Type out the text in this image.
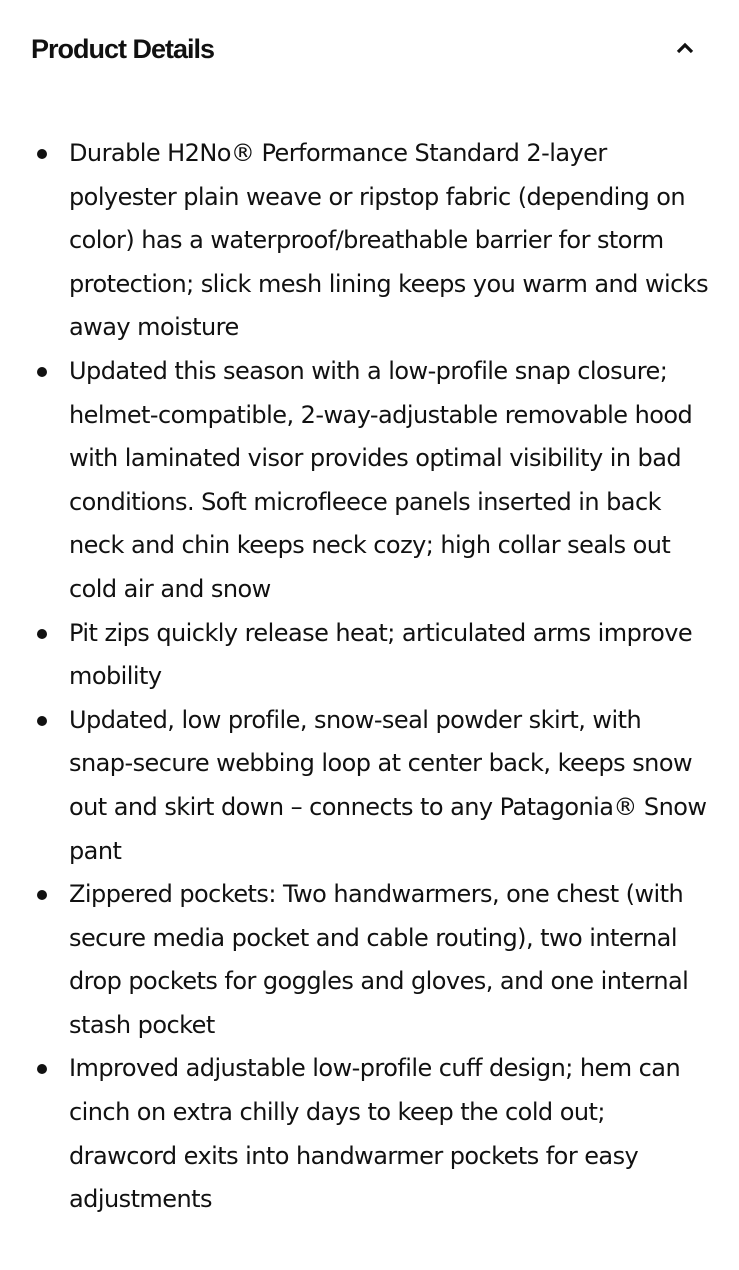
Product Details
Durable H2No® Performance Standard 2-layer polyester plain weave or ripstop fabric (depending on color) has a waterproof/breathable barrier for storm protection; slick mesh lining keeps you warm and wicks away moisture
Updated this season with a low-profile snap closure; helmet-compatible, 2-way-adjustable removable hood with laminated visor provides optimal visibility in bad conditions. Soft microfleece panels inserted in back neck and chin keeps neck cozy; high collar seals out cold air and snow
Pit zips quickly release heat; articulated arms improve mobility
Updated, low profile, snow-seal powder skirt, with snap-secure webbing loop at center back, keeps snow out and skirt down – connects to any Patagonia® Snow pant
Zippered pockets: Two handwarmers, one chest (with secure media pocket and cable routing), two internal drop pockets for goggles and gloves, and one internal stash pocket
Improved adjustable low-profile cuff design; hem can cinch on extra chilly days to keep the cold out; drawcord exits into handwarmer pockets for easy adjustments
